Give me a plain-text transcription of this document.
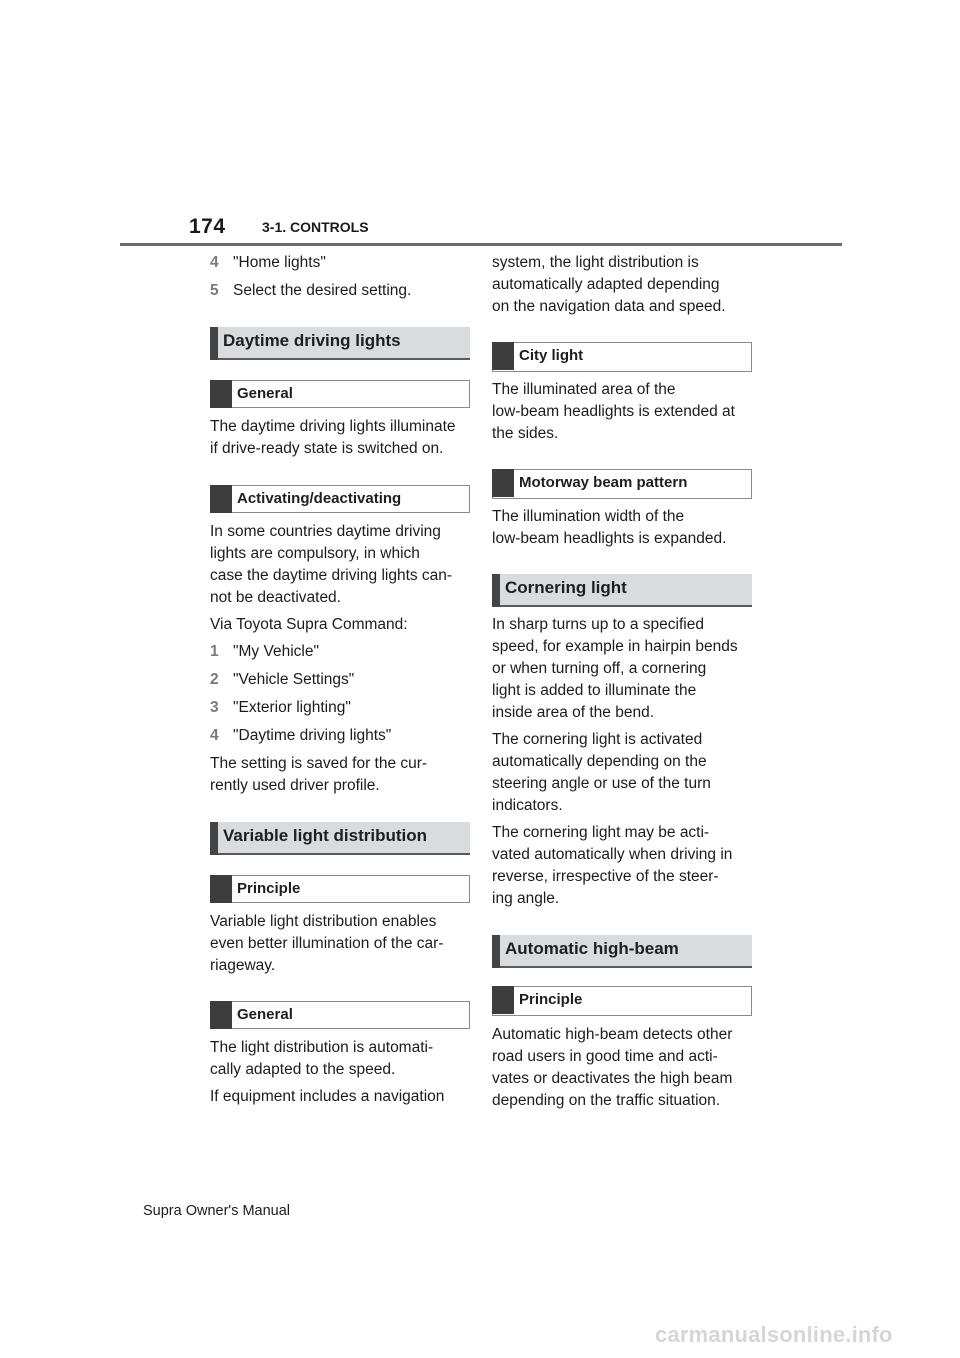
174	3-1. CONTROLS
4 "Home lights"
5 Select the desired setting.
Daytime driving lights
General

The daytime driving lights illuminate
if drive-ready state is switched on.

Activating/deactivating

In some countries daytime driving
lights are compulsory, in which
case the daytime driving lights can-
not be deactivated.

Via Toyota Supra Command:

1 "My Vehicle"
2 "Vehicle Settings"
3 "Exterior lighting"
4 "Daytime driving lights"

The setting is saved for the cur-
rently used driver profile.

Variable light distribution
Principle

Variable light distribution enables
even better illumination of the car-
riageway.

General

The light distribution is automati-
cally adapted to the speed.

If equipment includes a navigation

system, the light distribution is
automatically adapted depending
on the navigation data and speed.

City light

The illuminated area of the
low-beam headlights is extended at
the sides.

Motorway beam pattern

The illumination width of the
low-beam headlights is expanded.

Cornering light

In sharp turns up to a specified
speed, for example in hairpin bends
or when turning off, a cornering
light is added to illuminate the
inside area of the bend.

The cornering light is activated
automatically depending on the
steering angle or use of the turn
indicators.

The cornering light may be acti-
vated automatically when driving in
reverse, irrespective of the steer-
ing angle.

Automatic high-beam
Principle

Automatic high-beam detects other
road users in good time and acti-
vates or deactivates the high beam
depending on the traffic situation.

Supra Owner's Manual
carmanualsonline.info
